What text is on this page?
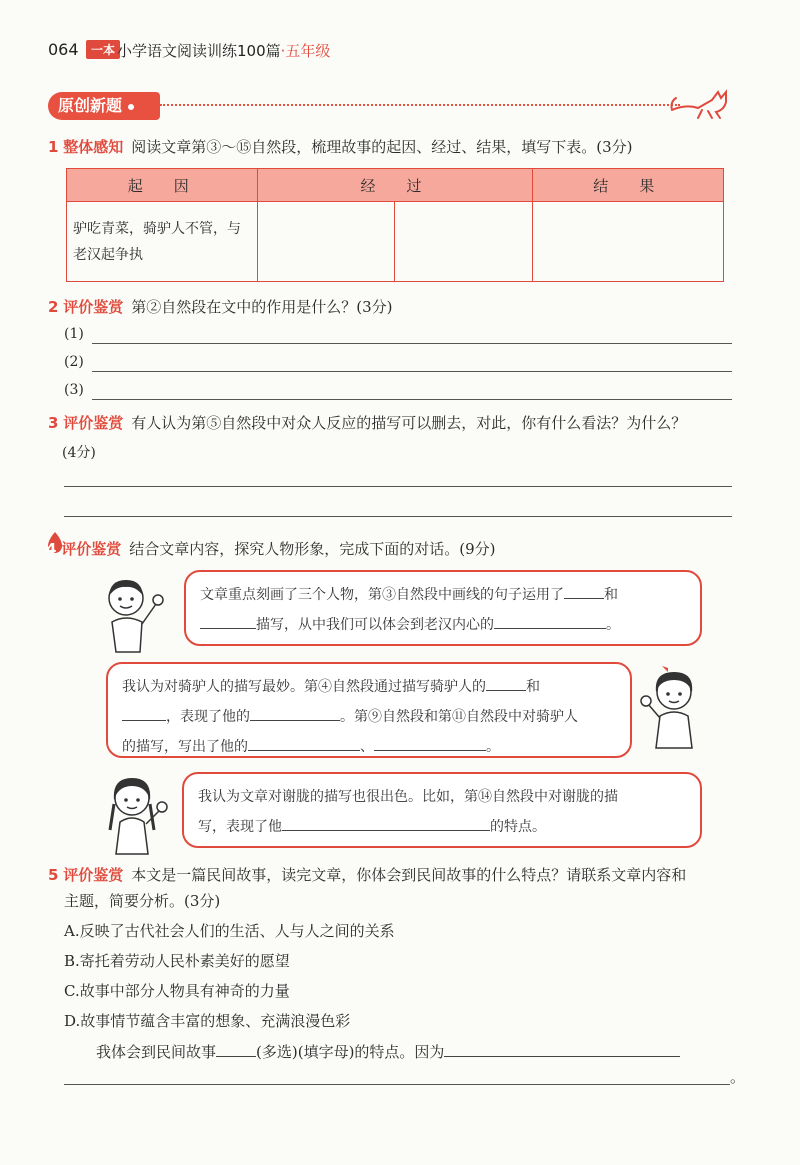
064	一本 小学语文阅读训练100篇·五年级
原创新题
1 整体感知 阅读文章第③～⑮自然段，梳理故事的起因、经过、结果，填写下表。(3分)
起　因	经　过		结　果
驴吃青菜，骑驴人不管，与老汉起争执			
2 评价鉴赏 第②自然段在文中的作用是什么？(3分)
(1)
(2)
(3)
3 评价鉴赏 有人认为第⑤自然段中对众人反应的描写可以删去，对此，你有什么看法？为什么？
(4分)
4 评价鉴赏 结合文章内容，探究人物形象，完成下面的对话。(9分)
文章重点刻画了三个人物，第③自然段中画线的句子运用了	和
描写，从中我们可以体会到老汉内心的	。
我认为对骑驴人的描写最妙。第④自然段通过描写骑驴人的	和
，表现了他的	。第⑨自然段和第⑪自然段中对骑驴人
的描写，写出了他的	、	。
我认为文章对谢胧的描写也很出色。比如，第⑭自然段中对谢胧的描
写，表现了他	的特点。
5 评价鉴赏 本文是一篇民间故事，读完文章，你体会到民间故事的什么特点？请联系文章内容和
主题，简要分析。(3分)
A.反映了古代社会人们的生活、人与人之间的关系
B.寄托着劳动人民朴素美好的愿望
C.故事中部分人物具有神奇的力量
D.故事情节蕴含丰富的想象、充满浪漫色彩
我体会到民间故事	(多选)(填字母)的特点。因为
。
